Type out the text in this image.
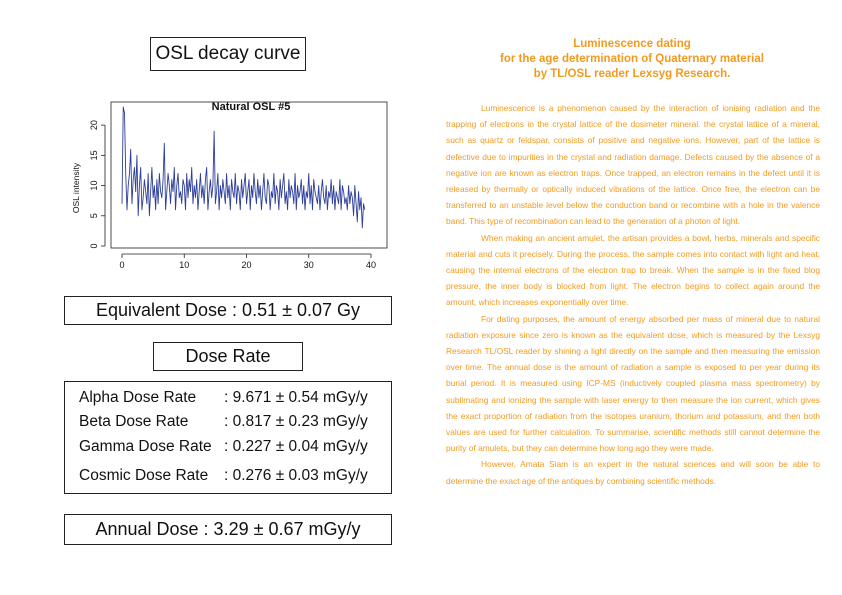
OSL decay curve
Natural OSL #5
OSL intensity
0	10	20	30	40
0
5
10
15
20
Equivalent Dose : 0.51 ± 0.07 Gy
Dose Rate
Alpha Dose Rate : 9.671 ± 0.54 mGy/y
Beta Dose Rate : 0.817 ± 0.23 mGy/y
Gamma Dose Rate : 0.227 ± 0.04 mGy/y
Cosmic Dose Rate : 0.276 ± 0.03 mGy/y
Annual Dose : 3.29 ± 0.67 mGy/y
Luminescence dating
for the age determination of Quaternary material
by TL/OSL reader Lexsyg Research.

Luminescence is a phenomenon caused by the interaction of ionising radiation and the trapping of electrons in the crystal lattice of the dosimeter mineral. the crystal lattice of a mineral, such as quartz or feldspar, consists of positive and negative ions. However, part of the lattice is defective due to impurities in the crystal and radiation damage. Defects caused by the absence of a negative ion are known as electron traps. Once trapped, an electron remains in the defect until it is released by thermally or optically induced vibrations of the lattice. Once free, the electron can be transferred to an unstable level below the conduction band or recombine with a hole in the valence band. This type of recombination can lead to the generation of a photon of light.

When making an ancient amulet, the artisan provides a bowl, herbs, minerals and specific material and cuts it precisely. During the process, the sample comes into contact with light and heat, causing the internal electrons of the electron trap to break. When the sample is in the fixed blog pressure, the inner body is blocked from light. The electron begins to collect again around the amount, which increases exponentially over time.

For dating purposes, the amount of energy absorbed per mass of mineral due to natural radiation exposure since zero is known as the equivalent dose, which is measured by the Lexsyg Research TL/OSL reader by shining a light directly on the sample and then measuring the emission over time. The annual dose is the amount of radiation a sample is exposed to per year during its burial period. It is measured using ICP-MS (inductively coupled plasma mass spectrometry) by sublimating and ionizing the sample with laser energy to then measure the ion current, which gives the exact proportion of radiation from the isotopes uranium, thorium and potassium, and then both values are used for further calculation. To summarise, scientific methods still cannot determine the purity of amulets, but they can determine how long ago they were made.

However, Amata Siam is an expert in the natural sciences and will soon be able to determine the exact age of the antiques by combining scientific methods.
